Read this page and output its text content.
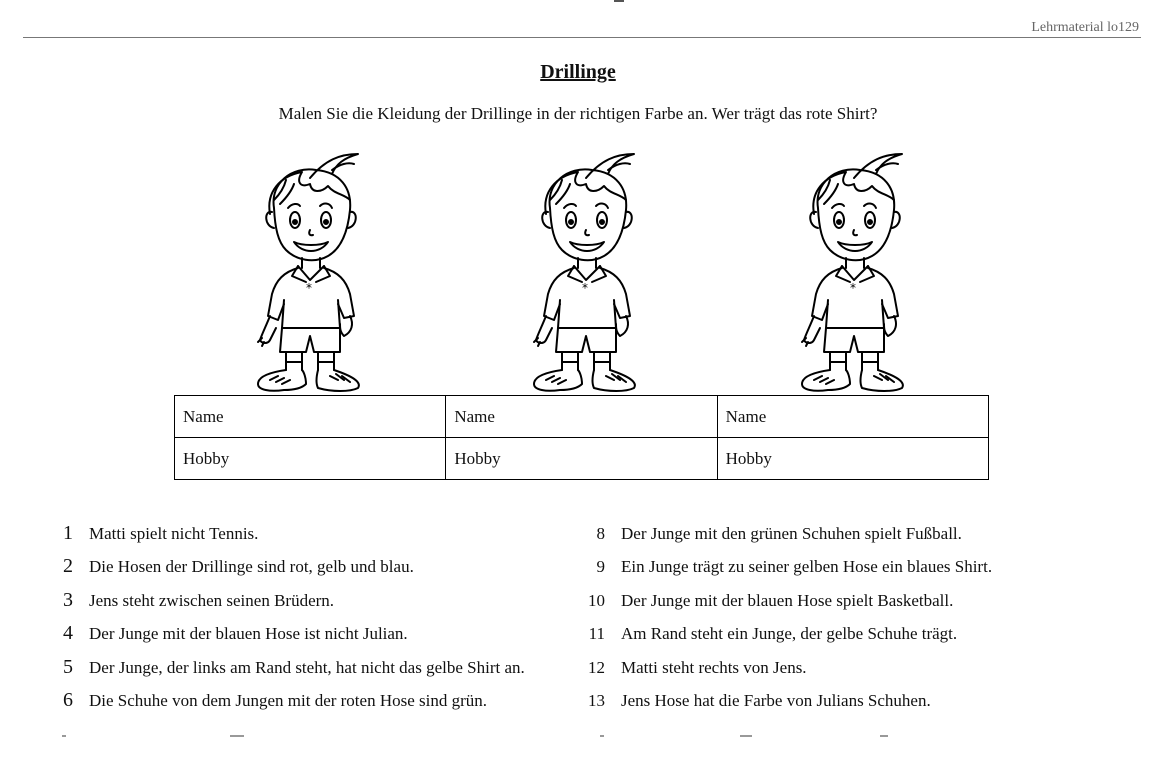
Lehrmaterial lo129
Drillinge
Malen Sie die Kleidung der Drillinge in der richtigen Farbe an. Wer trägt das rote Shirt?
Name	Name	Name
Hobby	Hobby	Hobby
1 Matti spielt nicht Tennis.
2 Die Hosen der Drillinge sind rot, gelb und blau.
3 Jens steht zwischen seinen Brüdern.
4 Der Junge mit der blauen Hose ist nicht Julian.
5 Der Junge, der links am Rand steht, hat nicht das gelbe Shirt an.
6 Die Schuhe von dem Jungen mit der roten Hose sind grün.
8 Der Junge mit den grünen Schuhen spielt Fußball.
9 Ein Junge trägt zu seiner gelben Hose ein blaues Shirt.
10 Der Junge mit der blauen Hose spielt Basketball.
11 Am Rand steht ein Junge, der gelbe Schuhe trägt.
12 Matti steht rechts von Jens.
13 Jens Hose hat die Farbe von Julians Schuhen.
